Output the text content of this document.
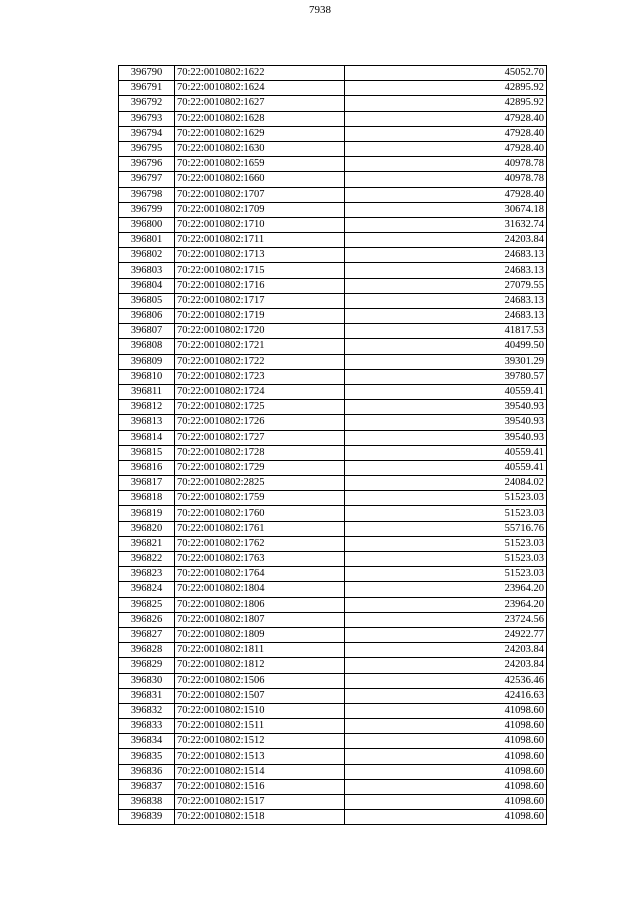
7938
396790	70:22:0010802:1622	45052.70
396791	70:22:0010802:1624	42895.92
396792	70:22:0010802:1627	42895.92
396793	70:22:0010802:1628	47928.40
396794	70:22:0010802:1629	47928.40
396795	70:22:0010802:1630	47928.40
396796	70:22:0010802:1659	40978.78
396797	70:22:0010802:1660	40978.78
396798	70:22:0010802:1707	47928.40
396799	70:22:0010802:1709	30674.18
396800	70:22:0010802:1710	31632.74
396801	70:22:0010802:1711	24203.84
396802	70:22:0010802:1713	24683.13
396803	70:22:0010802:1715	24683.13
396804	70:22:0010802:1716	27079.55
396805	70:22:0010802:1717	24683.13
396806	70:22:0010802:1719	24683.13
396807	70:22:0010802:1720	41817.53
396808	70:22:0010802:1721	40499.50
396809	70:22:0010802:1722	39301.29
396810	70:22:0010802:1723	39780.57
396811	70:22:0010802:1724	40559.41
396812	70:22:0010802:1725	39540.93
396813	70:22:0010802:1726	39540.93
396814	70:22:0010802:1727	39540.93
396815	70:22:0010802:1728	40559.41
396816	70:22:0010802:1729	40559.41
396817	70:22:0010802:2825	24084.02
396818	70:22:0010802:1759	51523.03
396819	70:22:0010802:1760	51523.03
396820	70:22:0010802:1761	55716.76
396821	70:22:0010802:1762	51523.03
396822	70:22:0010802:1763	51523.03
396823	70:22:0010802:1764	51523.03
396824	70:22:0010802:1804	23964.20
396825	70:22:0010802:1806	23964.20
396826	70:22:0010802:1807	23724.56
396827	70:22:0010802:1809	24922.77
396828	70:22:0010802:1811	24203.84
396829	70:22:0010802:1812	24203.84
396830	70:22:0010802:1506	42536.46
396831	70:22:0010802:1507	42416.63
396832	70:22:0010802:1510	41098.60
396833	70:22:0010802:1511	41098.60
396834	70:22:0010802:1512	41098.60
396835	70:22:0010802:1513	41098.60
396836	70:22:0010802:1514	41098.60
396837	70:22:0010802:1516	41098.60
396838	70:22:0010802:1517	41098.60
396839	70:22:0010802:1518	41098.60
